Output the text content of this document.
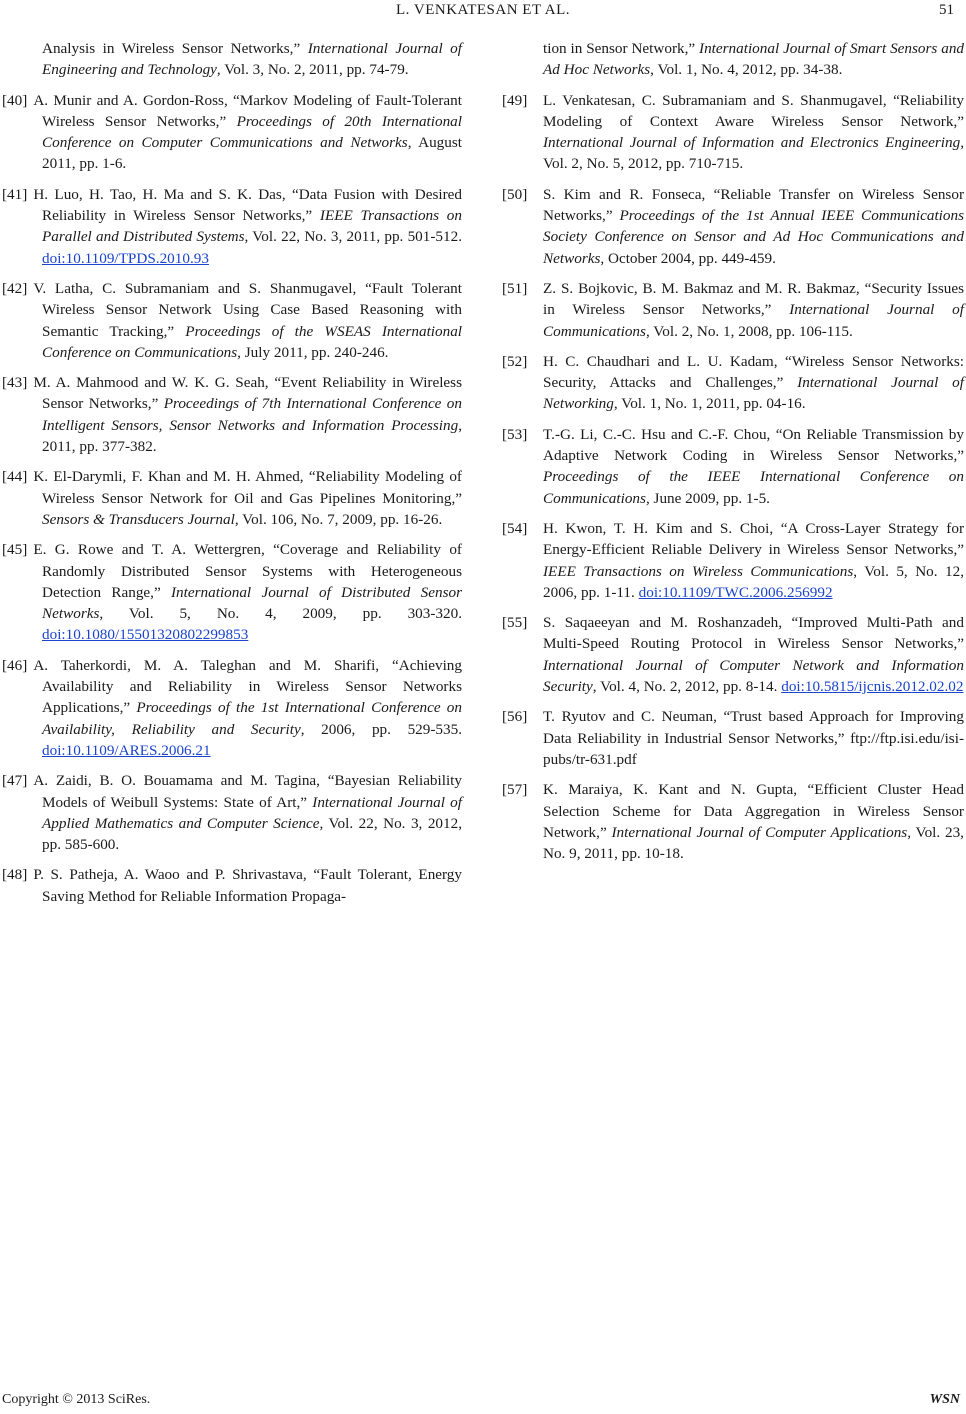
L. VENKATESAN ET AL.	51
Analysis in Wireless Sensor Networks,” International Journal of Engineering and Technology, Vol. 3, No. 2, 2011, pp. 74-79.
[40] A. Munir and A. Gordon-Ross, “Markov Modeling of Fault-Tolerant Wireless Sensor Networks,” Proceedings of 20th International Conference on Computer Communications and Networks, August 2011, pp. 1-6.
[41] H. Luo, H. Tao, H. Ma and S. K. Das, “Data Fusion with Desired Reliability in Wireless Sensor Networks,” IEEE Transactions on Parallel and Distributed Systems, Vol. 22, No. 3, 2011, pp. 501-512. doi:10.1109/TPDS.2010.93
[42] V. Latha, C. Subramaniam and S. Shanmugavel, “Fault Tolerant Wireless Sensor Network Using Case Based Reasoning with Semantic Tracking,” Proceedings of the WSEAS International Conference on Communications, July 2011, pp. 240-246.
[43] M. A. Mahmood and W. K. G. Seah, “Event Reliability in Wireless Sensor Networks,” Proceedings of 7th International Conference on Intelligent Sensors, Sensor Networks and Information Processing, 2011, pp. 377-382.
[44] K. El-Darymli, F. Khan and M. H. Ahmed, “Reliability Modeling of Wireless Sensor Network for Oil and Gas Pipelines Monitoring,” Sensors & Transducers Journal, Vol. 106, No. 7, 2009, pp. 16-26.
[45] E. G. Rowe and T. A. Wettergren, “Coverage and Reliability of Randomly Distributed Sensor Systems with Heterogeneous Detection Range,” International Journal of Distributed Sensor Networks, Vol. 5, No. 4, 2009, pp. 303-320. doi:10.1080/15501320802299853
[46] A. Taherkordi, M. A. Taleghan and M. Sharifi, “Achieving Availability and Reliability in Wireless Sensor Networks Applications,” Proceedings of the 1st International Conference on Availability, Reliability and Security, 2006, pp. 529-535. doi:10.1109/ARES.2006.21
[47] A. Zaidi, B. O. Bouamama and M. Tagina, “Bayesian Reliability Models of Weibull Systems: State of Art,” International Journal of Applied Mathematics and Computer Science, Vol. 22, No. 3, 2012, pp. 585-600.
[48] P. S. Patheja, A. Waoo and P. Shrivastava, “Fault Tolerant, Energy Saving Method for Reliable Information Propaga-
tion in Sensor Network,” International Journal of Smart Sensors and Ad Hoc Networks, Vol. 1, No. 4, 2012, pp. 34-38.
[49] L. Venkatesan, C. Subramaniam and S. Shanmugavel, “Reliability Modeling of Context Aware Wireless Sensor Network,” International Journal of Information and Electronics Engineering, Vol. 2, No. 5, 2012, pp. 710-715.
[50] S. Kim and R. Fonseca, “Reliable Transfer on Wireless Sensor Networks,” Proceedings of the 1st Annual IEEE Communications Society Conference on Sensor and Ad Hoc Communications and Networks, October 2004, pp. 449-459.
[51] Z. S. Bojkovic, B. M. Bakmaz and M. R. Bakmaz, “Security Issues in Wireless Sensor Networks,” International Journal of Communications, Vol. 2, No. 1, 2008, pp. 106-115.
[52] H. C. Chaudhari and L. U. Kadam, “Wireless Sensor Networks: Security, Attacks and Challenges,” International Journal of Networking, Vol. 1, No. 1, 2011, pp. 04-16.
[53] T.-G. Li, C.-C. Hsu and C.-F. Chou, “On Reliable Transmission by Adaptive Network Coding in Wireless Sensor Networks,” Proceedings of the IEEE International Conference on Communications, June 2009, pp. 1-5.
[54] H. Kwon, T. H. Kim and S. Choi, “A Cross-Layer Strategy for Energy-Efficient Reliable Delivery in Wireless Sensor Networks,” IEEE Transactions on Wireless Communications, Vol. 5, No. 12, 2006, pp. 1-11. doi:10.1109/TWC.2006.256992
[55] S. Saqaeeyan and M. Roshanzadeh, “Improved Multi-Path and Multi-Speed Routing Protocol in Wireless Sensor Networks,” International Journal of Computer Network and Information Security, Vol. 4, No. 2, 2012, pp. 8-14. doi:10.5815/ijcnis.2012.02.02
[56] T. Ryutov and C. Neuman, “Trust based Approach for Improving Data Reliability in Industrial Sensor Networks,” ftp://ftp.isi.edu/isi-pubs/tr-631.pdf
[57] K. Maraiya, K. Kant and N. Gupta, “Efficient Cluster Head Selection Scheme for Data Aggregation in Wireless Sensor Network,” International Journal of Computer Applications, Vol. 23, No. 9, 2011, pp. 10-18.
Copyright © 2013 SciRes.	WSN
